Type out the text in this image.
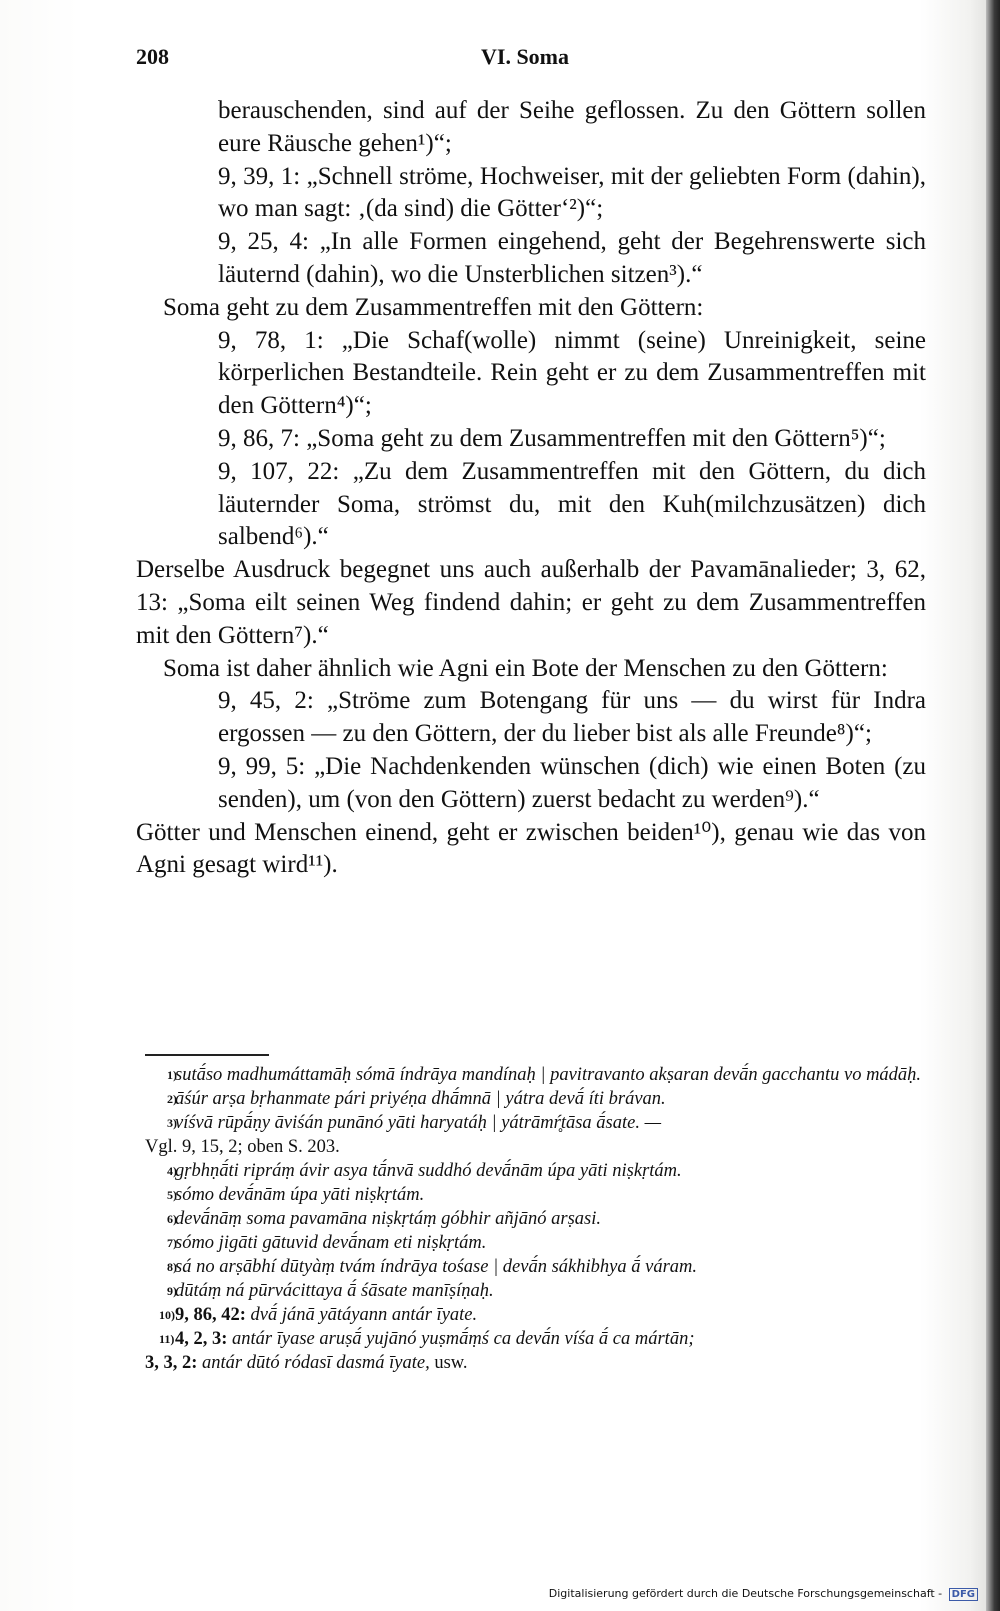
208	VI. Soma

berauschenden, sind auf der Seihe geflossen. Zu den Göttern sollen eure Räusche gehen¹)“;

9, 39, 1: „Schnell ströme, Hochweiser, mit der geliebten Form (dahin), wo man sagt: ‚(da sind) die Götter‘²)“;

9, 25, 4: „In alle Formen eingehend, geht der Begehrenswerte sich läuternd (dahin), wo die Unsterblichen sitzen³).“

Soma geht zu dem Zusammentreffen mit den Göttern:

9, 78, 1: „Die Schaf(wolle) nimmt (seine) Unreinigkeit, seine körperlichen Bestandteile. Rein geht er zu dem Zusammentreffen mit den Göttern⁴)“;

9, 86, 7: „Soma geht zu dem Zusammentreffen mit den Göttern⁵)“;

9, 107, 22: „Zu dem Zusammentreffen mit den Göttern, du dich läuternder Soma, strömst du, mit den Kuh(milchzusätzen) dich salbend⁶).“

Derselbe Ausdruck begegnet uns auch außerhalb der Pavamānalieder; 3, 62, 13: „Soma eilt seinen Weg findend dahin; er geht zu dem Zusammentreffen mit den Göttern⁷).“

Soma ist daher ähnlich wie Agni ein Bote der Menschen zu den Göttern:

9, 45, 2: „Ströme zum Botengang für uns — du wirst für Indra ergossen — zu den Göttern, der du lieber bist als alle Freunde⁸)“;

9, 99, 5: „Die Nachdenkenden wünschen (dich) wie einen Boten (zu senden), um (von den Göttern) zuerst bedacht zu werden⁹).“

Götter und Menschen einend, geht er zwischen beiden¹⁰), genau wie das von Agni gesagt wird¹¹).

1)
sutā́so madhumáttamāḥ sómā índrāya mandínaḥ | pavitravanto akṣaran devā́n gacchantu vo mádāḥ.
2)
āśúr arṣa bṛhanmate pári priyéṇa dhā́mnā | yátra devā́ íti brávan.
3)
víśvā rūpā́ṇy āviśán punānó yāti haryatáḥ | yátrāmŕ̥tāsa ā́sate. —
Vgl. 9, 15, 2; oben S. 203.
4)
gṛbhṇā́ti ripráṃ ávir asya tā́nvā suddhó devā́nām úpa yāti niṣkṛtám.
5)
sómo devā́nām úpa yāti niṣkṛtám.
6)
devā́nāṃ soma pavamāna niṣkṛtáṃ góbhir añjānó arṣasi.
7)
sómo jigāti gātuvid devā́nam eti niṣkṛtám.
8)
sá no arṣābhí dūtyàṃ tvám índrāya tośase | devā́n sákhibhya ā́ váram.
9)
dūtáṃ ná pūrvácittaya ā́ śāsate manīṣíṇaḥ.
10) 9, 86, 42: dvā́ jánā yātáyann antár īyate.
11) 4, 2, 3: antár īyase aruṣā́ yujānó yuṣmā́ṃś ca devā́n víśa ā́ ca mártān;
3, 3, 2: antár dūtó ródasī dasmá īyate, usw.
Digitalisierung gefördert durch die Deutsche Forschungsgemeinschaft - DFG
